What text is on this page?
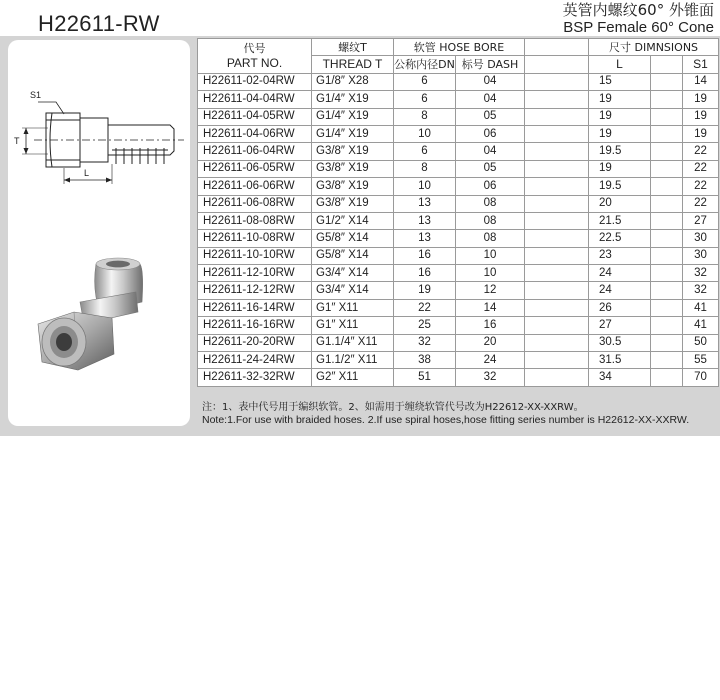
H22611-RW
英管内螺纹60° 外锥面
BSP Female 60° Cone
S1
T
L
代号
PART NO.	螺纹T	软管 HOSE BORE			尺寸 DIMNSIONS		
	THREAD T	公称内径DN	标号 DASH		L		S1
H22611-02-04RW	G1/8″ X28	6	04		15		14
H22611-04-04RW	G1/4″ X19	6	04		19		19
H22611-04-05RW	G1/4″ X19	8	05		19		19
H22611-04-06RW	G1/4″ X19	10	06		19		19
H22611-06-04RW	G3/8″ X19	6	04		19.5		22
H22611-06-05RW	G3/8″ X19	8	05		19		22
H22611-06-06RW	G3/8″ X19	10	06		19.5		22
H22611-06-08RW	G3/8″ X19	13	08		20		22
H22611-08-08RW	G1/2″ X14	13	08		21.5		27
H22611-10-08RW	G5/8″ X14	13	08		22.5		30
H22611-10-10RW	G5/8″ X14	16	10		23		30
H22611-12-10RW	G3/4″ X14	16	10		24		32
H22611-12-12RW	G3/4″ X14	19	12		24		32
H22611-16-14RW	G1″ X11	22	14		26		41
H22611-16-16RW	G1″ X11	25	16		27		41
H22611-20-20RW	G1.1/4″ X11	32	20		30.5		50
H22611-24-24RW	G1.1/2″ X11	38	24		31.5		55
H22611-32-32RW	G2″ X11	51	32		34		70
注：1、表中代号用于编织软管。2、如需用于缠绕软管代号改为H22612-XX-XXRW。
Note:1.For use with braided hoses. 2.If use spiral hoses,hose fitting series number is H22612-XX-XXRW.
